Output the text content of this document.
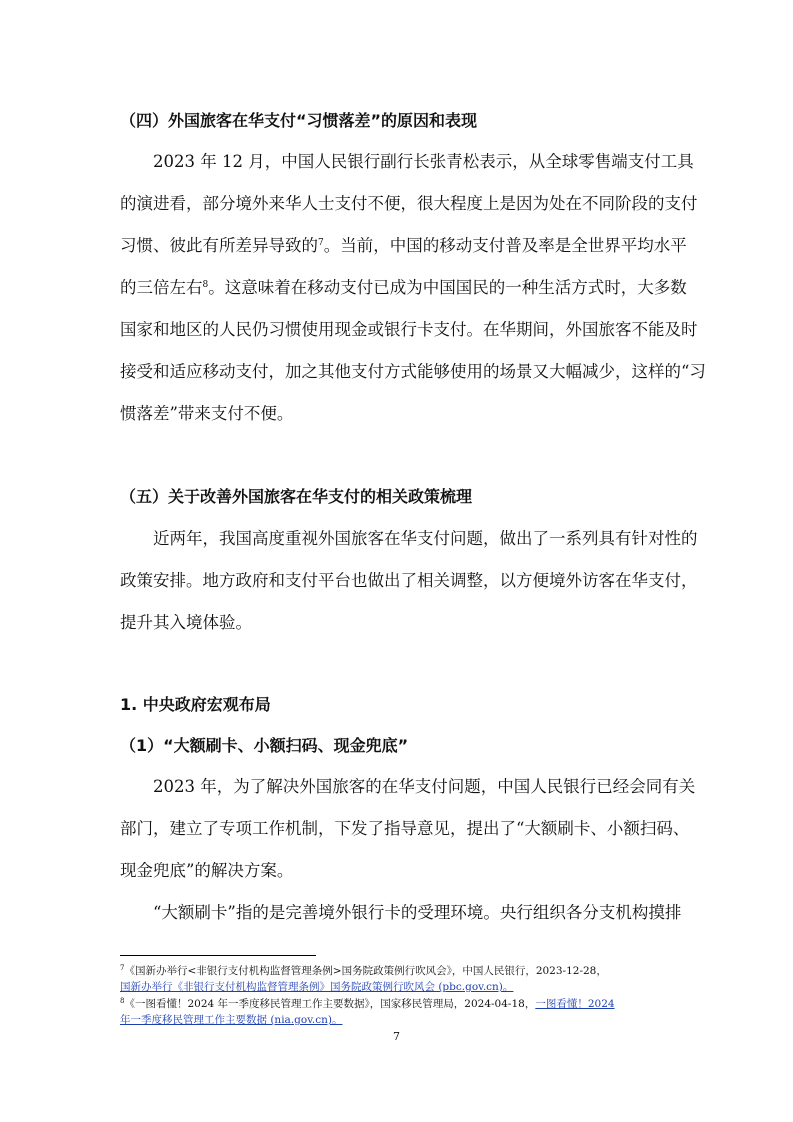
（四）外国旅客在华支付“习惯落差”的原因和表现
2023 年 12 月，中国人民银行副行长张青松表示，从全球零售端支付工具
的演进看，部分境外来华人士支付不便，很大程度上是因为处在不同阶段的支付
习惯、彼此有所差异导致的$^7$。当前，中国的移动支付普及率是全世界平均水平
的三倍左右$^8$。这意味着在移动支付已成为中国国民的一种生活方式时，大多数
国家和地区的人民仍习惯使用现金或银行卡支付。在华期间，外国旅客不能及时
接受和适应移动支付，加之其他支付方式能够使用的场景又大幅减少，这样的“习
惯落差”带来支付不便。
（五）关于改善外国旅客在华支付的相关政策梳理
近两年，我国高度重视外国旅客在华支付问题，做出了一系列具有针对性的
政策安排。地方政府和支付平台也做出了相关调整，以方便境外访客在华支付，
提升其入境体验。
1. 中央政府宏观布局
（1）“大额刷卡、小额扫码、现金兜底”
2023 年，为了解决外国旅客的在华支付问题，中国人民银行已经会同有关
部门，建立了专项工作机制，下发了指导意见，提出了“大额刷卡、小额扫码、
现金兜底”的解决方案。
“大额刷卡”指的是完善境外银行卡的受理环境。央行组织各分支机构摸排
$^7$《国新办举行<非银行支付机构监督管理条例>国务院政策例行吹风会》，中国人民银行，2023-12-28，
国新办举行《非银行支付机构监督管理条例》国务院政策例行吹风会 (pbc.gov.cn)。
$^8$《一图看懂！2024 年一季度移民管理工作主要数据》，国家移民管理局，2024-04-18，一图看懂！2024
年一季度移民管理工作主要数据 (nia.gov.cn)。
7
